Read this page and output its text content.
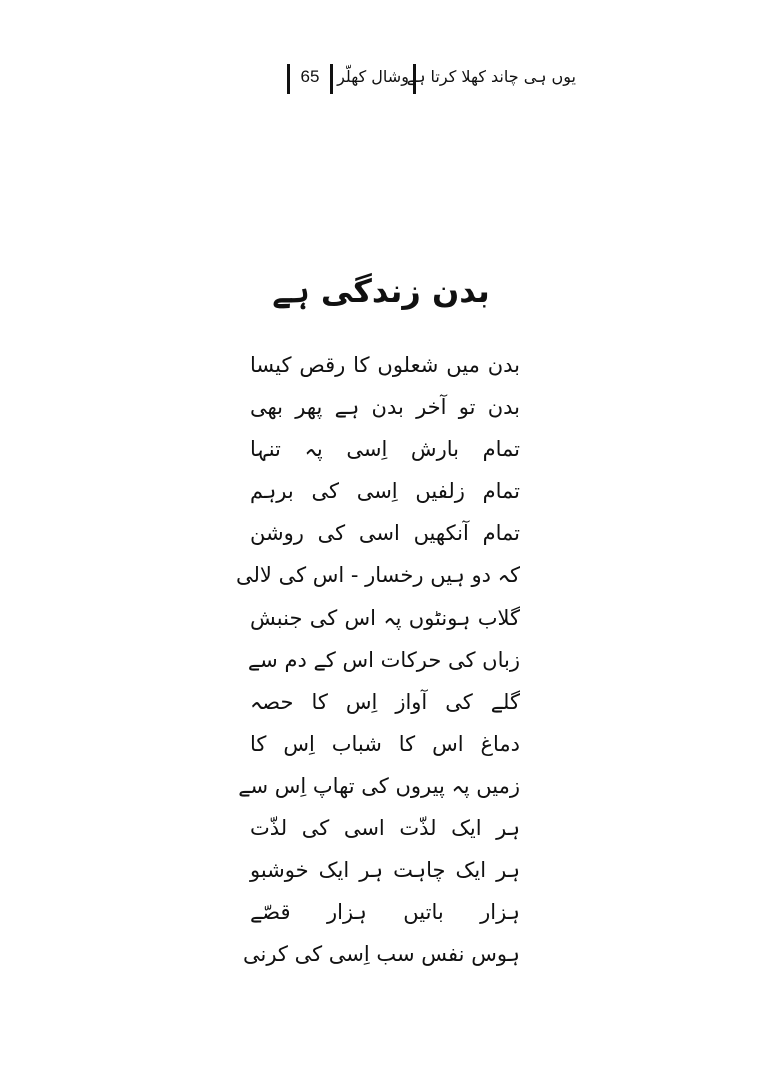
65	وشال کھلّر
یوں ہی چاند کھلا کرتا ہے
بدن زندگی ہے
بدن میں شعلوں کا رقص کیسا
بدن تو آخر بدن ہے پھر بھی
تمام بارش اِسی پہ تنہا
تمام زلفیں اِسی کی برہم
تمام آنکھیں اسی کی روشن
کہ دو ہیں رخسار - اس کی لالی
گلاب ہونٹوں پہ اس کی جنبش
زباں کی حرکات اس کے دم سے
گلے کی آواز اِس کا حصہ
دماغ اس کا شباب اِس کا
زمیں پہ پیروں کی تھاپ اِس سے
ہر ایک لذّت اسی کی لذّت
ہر ایک چاہت ہر ایک خوشبو
ہزار باتیں ہزار قصّے
ہوس نفس سب اِسی کی کرنی
